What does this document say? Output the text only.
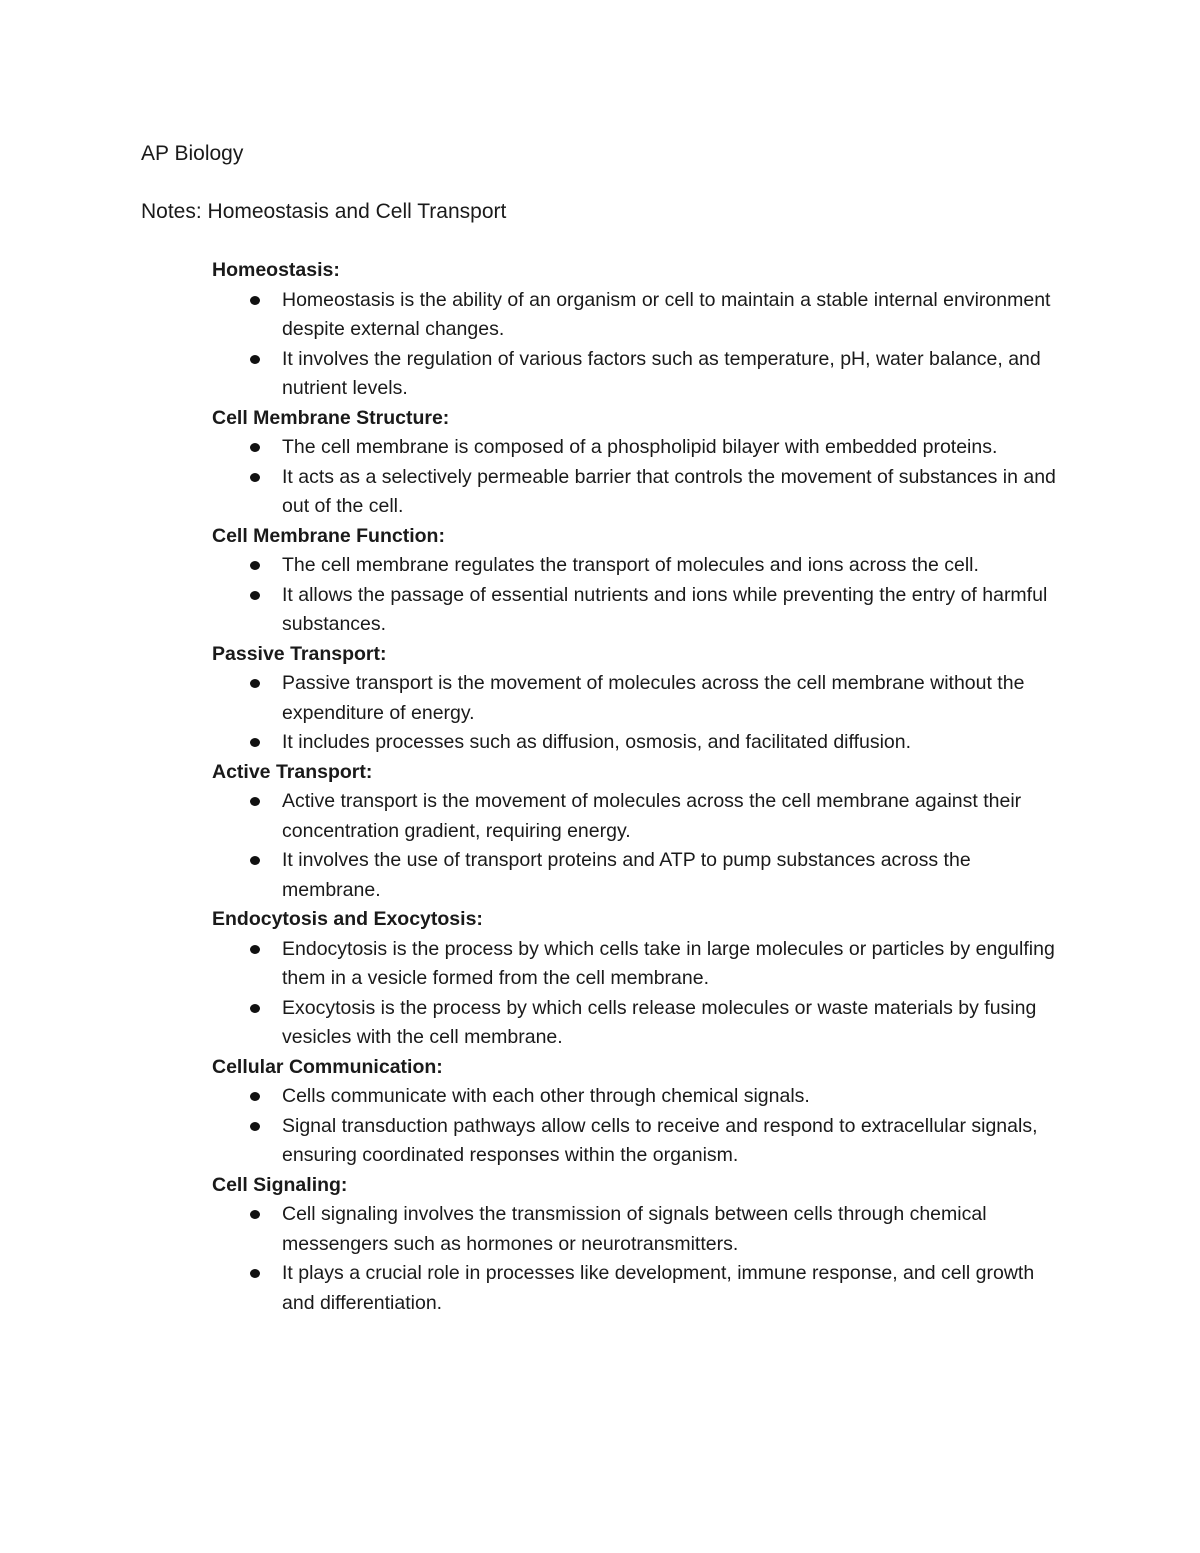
AP Biology
Notes: Homeostasis and Cell Transport
Homeostasis:
Homeostasis is the ability of an organism or cell to maintain a stable internal environment despite external changes.
It involves the regulation of various factors such as temperature, pH, water balance, and nutrient levels.
Cell Membrane Structure:
The cell membrane is composed of a phospholipid bilayer with embedded proteins.
It acts as a selectively permeable barrier that controls the movement of substances in and out of the cell.
Cell Membrane Function:
The cell membrane regulates the transport of molecules and ions across the cell.
It allows the passage of essential nutrients and ions while preventing the entry of harmful substances.
Passive Transport:
Passive transport is the movement of molecules across the cell membrane without the expenditure of energy.
It includes processes such as diffusion, osmosis, and facilitated diffusion.
Active Transport:
Active transport is the movement of molecules across the cell membrane against their concentration gradient, requiring energy.
It involves the use of transport proteins and ATP to pump substances across the membrane.
Endocytosis and Exocytosis:
Endocytosis is the process by which cells take in large molecules or particles by engulfing them in a vesicle formed from the cell membrane.
Exocytosis is the process by which cells release molecules or waste materials by fusing vesicles with the cell membrane.
Cellular Communication:
Cells communicate with each other through chemical signals.
Signal transduction pathways allow cells to receive and respond to extracellular signals, ensuring coordinated responses within the organism.
Cell Signaling:
Cell signaling involves the transmission of signals between cells through chemical messengers such as hormones or neurotransmitters.
It plays a crucial role in processes like development, immune response, and cell growth and differentiation.
